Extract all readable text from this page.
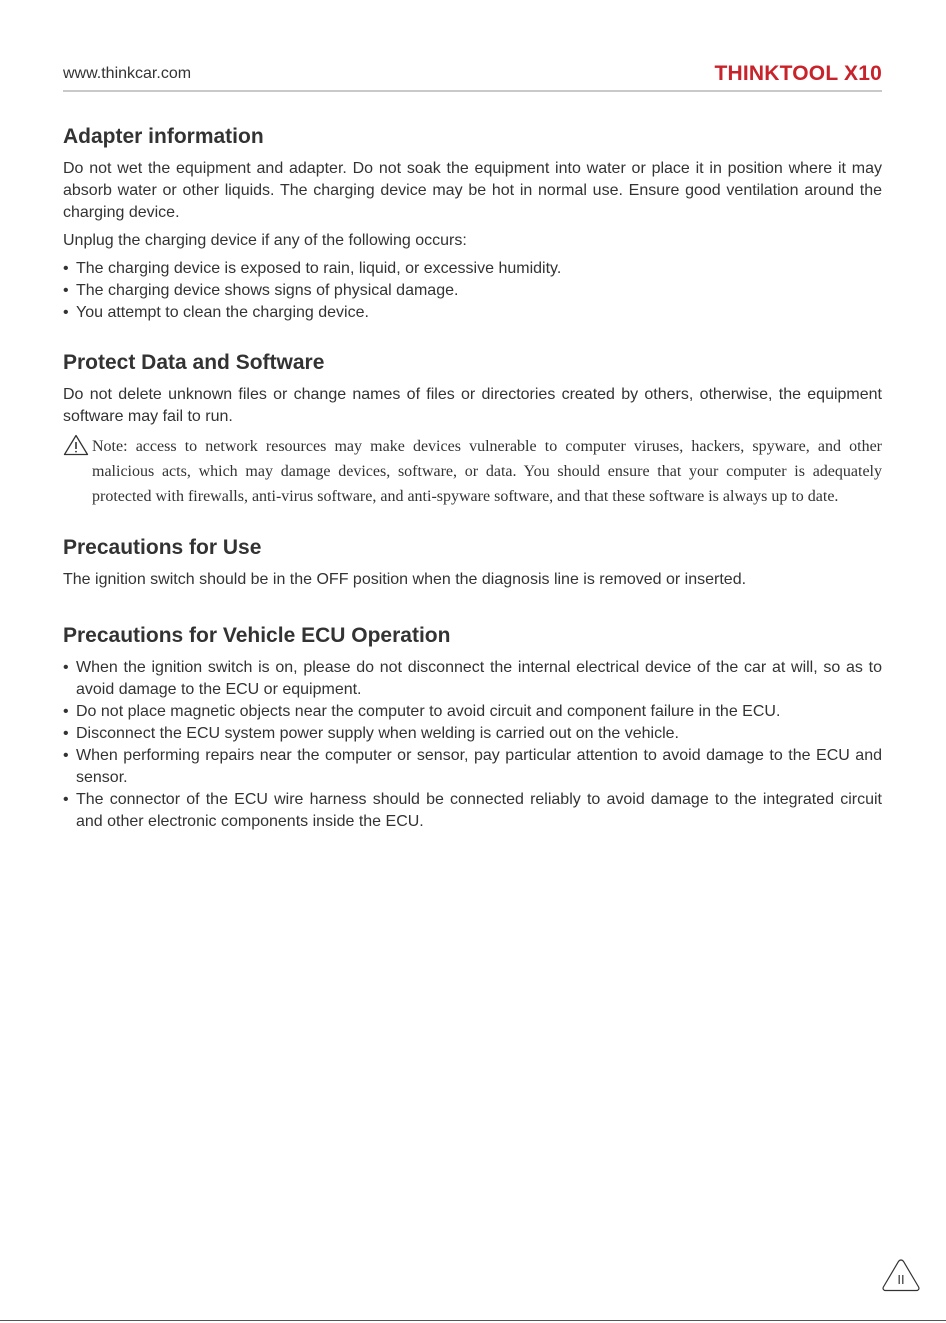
www.thinkcar.com	THINKTOOL X10
Adapter information

Do not wet the equipment and adapter. Do not soak the equipment into water or place it in position where it may absorb water or other liquids. The charging device may be hot in normal use. Ensure good ventilation around the charging device.

Unplug the charging device if any of the following occurs:

• The charging device is exposed to rain, liquid, or excessive humidity.
• The charging device shows signs of physical damage.
• You attempt to clean the charging device.
Protect Data and Software

Do not delete unknown files or change names of files or directories created by others, otherwise, the equipment software may fail to run.

Note: access to network resources may make devices vulnerable to computer viruses, hackers, spyware, and other malicious acts, which may damage devices, software, or data. You should ensure that your computer is adequately protected with firewalls, anti-virus software, and anti-spyware software, and that these software is always up to date.
Precautions for Use

The ignition switch should be in the OFF position when the diagnosis line is removed or inserted.

Precautions for Vehicle ECU Operation
• When the ignition switch is on, please do not disconnect the internal electrical device of the car at will, so as to avoid damage to the ECU or equipment.
• Do not place magnetic objects near the computer to avoid circuit and component failure in the ECU.
• Disconnect the ECU system power supply when welding is carried out on the vehicle.
• When performing repairs near the computer or sensor, pay particular attention to avoid damage to the ECU and sensor.
• The connector of the ECU wire harness should be connected reliably to avoid damage to the integrated circuit and other electronic components inside the ECU.
II
